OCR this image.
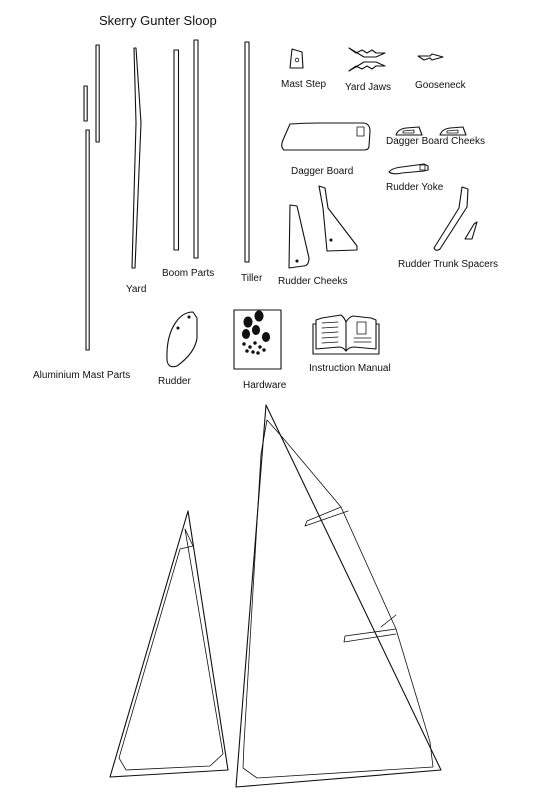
Skerry Gunter Sloop
Mast Step Yard Jaws Gooseneck
Dagger Board
Dagger Board Cheeks
Rudder Yoke
Rudder Cheeks
Rudder Trunk Spacers
Boom Parts	Tiller
Yard
Aluminium Mast Parts
Rudder	Hardware
Instruction Manual
